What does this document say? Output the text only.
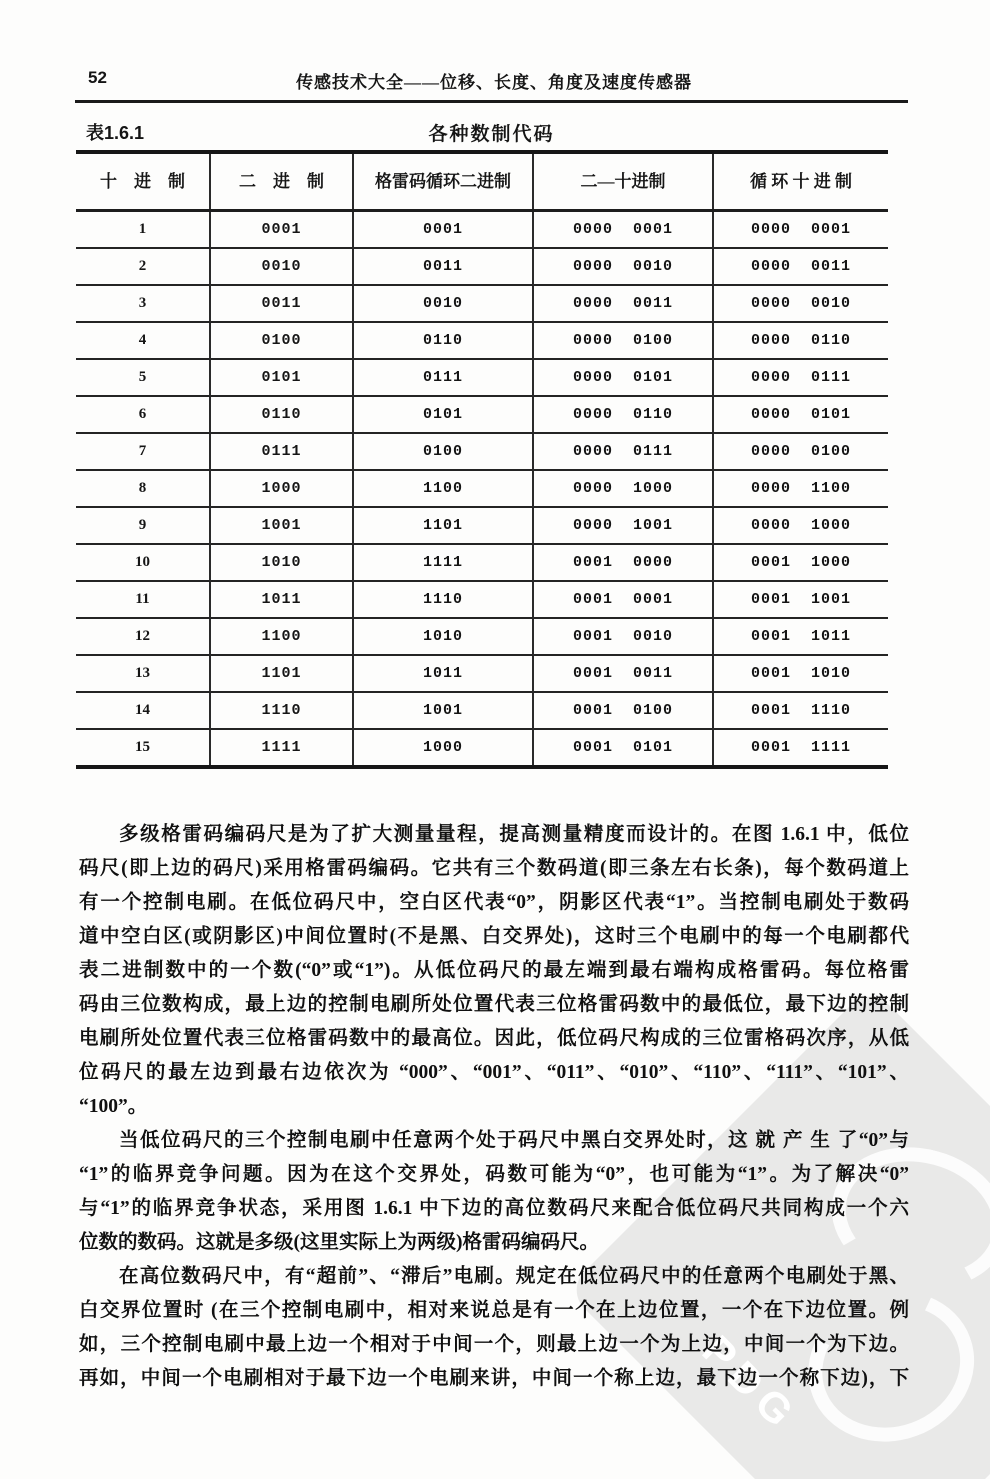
PDG
52	传感技术大全——位移、长度、角度及速度传感器
表1.6.1	各种数制代码
十　进　制	二　进　制	格雷码循环二进制	二—十进制	循 环 十 进 制
1	0001	0001	0000  0001	0000  0001
2	0010	0011	0000  0010	0000  0011
3	0011	0010	0000  0011	0000  0010
4	0100	0110	0000  0100	0000  0110
5	0101	0111	0000  0101	0000  0111
6	0110	0101	0000  0110	0000  0101
7	0111	0100	0000  0111	0000  0100
8	1000	1100	0000  1000	0000  1100
9	1001	1101	0000  1001	0000  1000
10	1010	1111	0001  0000	0001  1000
11	1011	1110	0001  0001	0001  1001
12	1100	1010	0001  0010	0001  1011
13	1101	1011	0001  0011	0001  1010
14	1110	1001	0001  0100	0001  1110
15	1111	1000	0001  0101	0001  1111
多级格雷码编码尺是为了扩大测量量程，提高测量精度而设计的。在图 1.6.1 中，低位
码尺(即上边的码尺)采用格雷码编码。它共有三个数码道(即三条左右长条)，每个数码道上
有一个控制电刷。在低位码尺中，空白区代表“0”，阴影区代表“1”。当控制电刷处于数码
道中空白区(或阴影区)中间位置时(不是黑、白交界处)，这时三个电刷中的每一个电刷都代
表二进制数中的一个数(“0”或“1”)。从低位码尺的最左端到最右端构成格雷码。每位格雷
码由三位数构成，最上边的控制电刷所处位置代表三位格雷码数中的最低位，最下边的控制
电刷所处位置代表三位格雷码数中的最高位。因此，低位码尺构成的三位雷格码次序，从低
位码尺的最左边到最右边依次为 “000”、“001”、“011”、“010”、“110”、“111”、“101”、
“100”。
当低位码尺的三个控制电刷中任意两个处于码尺中黑白交界处时，这 就 产 生 了“0”与
“1”的临界竞争问题。因为在这个交界处，码数可能为“0”，也可能为“1”。为了解决“0”
与“1”的临界竞争状态，采用图 1.6.1 中下边的高位数码尺来配合低位码尺共同构成一个六
位数的数码。这就是多级(这里实际上为两级)格雷码编码尺。
在高位数码尺中，有“超前”、“滞后”电刷。规定在低位码尺中的任意两个电刷处于黑、
白交界位置时 (在三个控制电刷中，相对来说总是有一个在上边位置，一个在下边位置。例
如，三个控制电刷中最上边一个相对于中间一个，则最上边一个为上边，中间一个为下边。
再如，中间一个电刷相对于最下边一个电刷来讲，中间一个称上边，最下边一个称下边)，下
